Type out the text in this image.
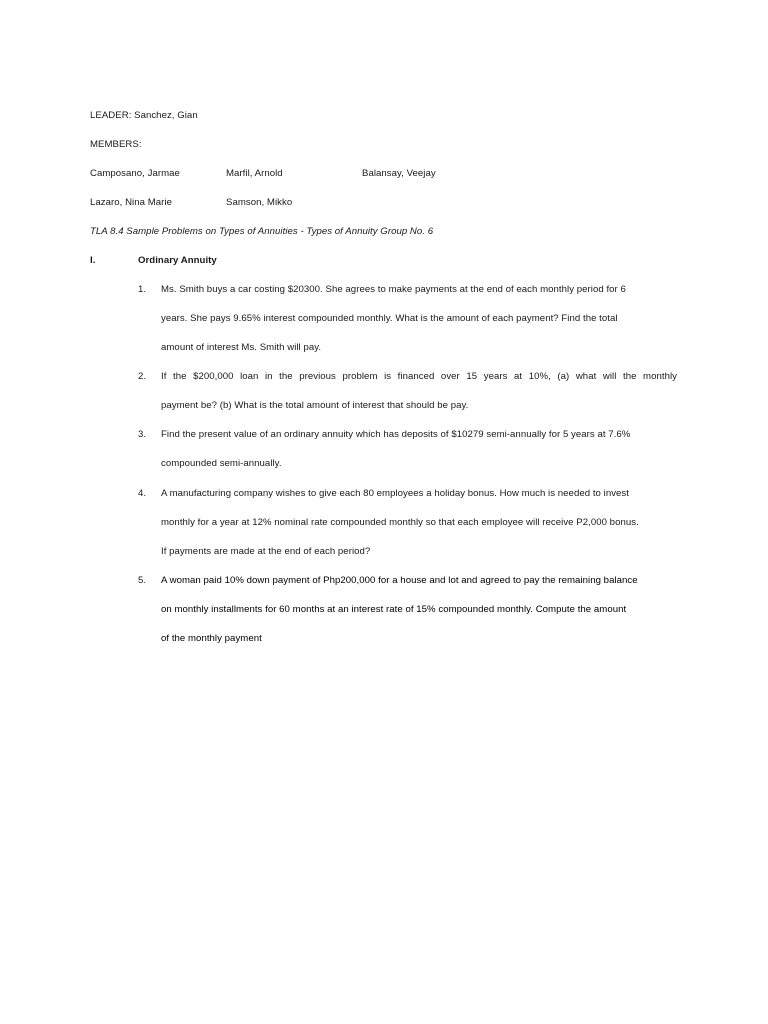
LEADER: Sanchez, Gian
MEMBERS:
Camposano, Jarmae	Marfil, Arnold	Balansay, Veejay
Lazaro, Nina Marie	Samson, Mikko
TLA 8.4 Sample Problems on Types of Annuities - Types of Annuity Group No. 6
I.	Ordinary Annuity
1. Ms. Smith buys a car costing $20300. She agrees to make payments at the end of each monthly period for 6
years. She pays 9.65% interest compounded monthly. What is the amount of each payment? Find the total
amount of interest Ms. Smith will pay.
2. If the $200,000 loan in the previous problem is financed over 15 years at 10%, (a) what will the monthly
payment be? (b) What is the total amount of interest that should be pay.
3. Find the present value of an ordinary annuity which has deposits of $10279 semi-annually for 5 years at 7.6%
compounded semi-annually.
4. A manufacturing company wishes to give each 80 employees a holiday bonus. How much is needed to invest
monthly for a year at 12% nominal rate compounded monthly so that each employee will receive P2,000 bonus.
If payments are made at the end of each period?
5. A woman paid 10% down payment of Php200,000 for a house and lot and agreed to pay the remaining balance
on monthly installments for 60 months at an interest rate of 15% compounded monthly. Compute the amount
of the monthly payment
